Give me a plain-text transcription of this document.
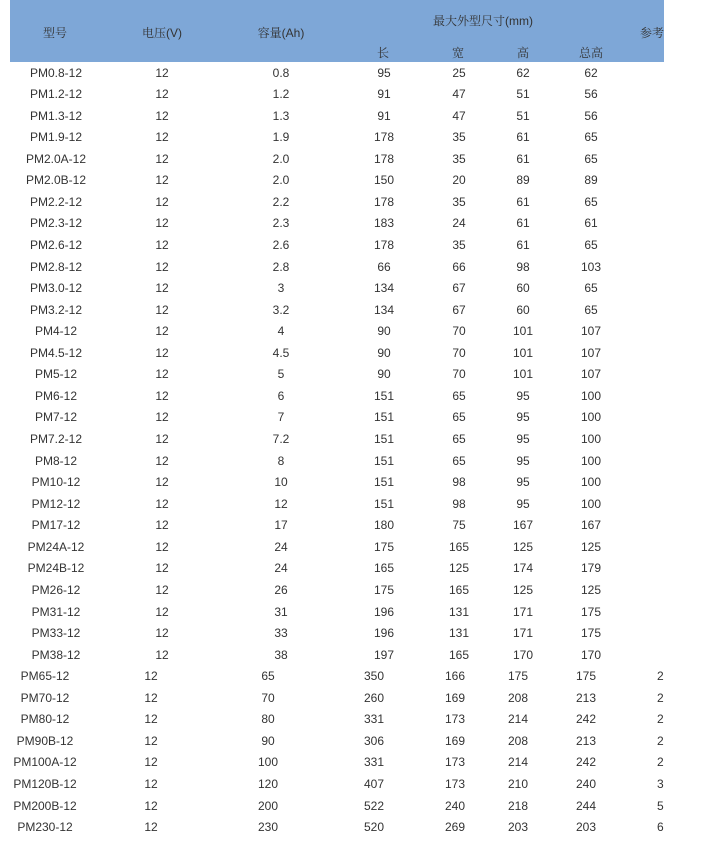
型号	电压(V)	容量(Ah)
最大外型尺寸(mm)
长	宽	高	总高
参考
PM0.8-12	12	0.8	95	25	62	62
PM1.2-12	12	1.2	91	47	51	56
PM1.3-12	12	1.3	91	47	51	56
PM1.9-12	12	1.9	178	35	61	65
PM2.0A-12	12	2.0	178	35	61	65
PM2.0B-12	12	2.0	150	20	89	89
PM2.2-12	12	2.2	178	35	61	65
PM2.3-12	12	2.3	183	24	61	61
PM2.6-12	12	2.6	178	35	61	65
PM2.8-12	12	2.8	66	66	98	103
PM3.0-12	12	3	134	67	60	65
PM3.2-12	12	3.2	134	67	60	65
PM4-12	12	4	90	70	101	107
PM4.5-12	12	4.5	90	70	101	107
PM5-12	12	5	90	70	101	107
PM6-12	12	6	151	65	95	100
PM7-12	12	7	151	65	95	100
PM7.2-12	12	7.2	151	65	95	100
PM8-12	12	8	151	65	95	100
PM10-12	12	10	151	98	95	100
PM12-12	12	12	151	98	95	100
PM17-12	12	17	180	75	167	167
PM24A-12	12	24	175	165	125	125
PM24B-12	12	24	165	125	174	179
PM26-12	12	26	175	165	125	125
PM31-12	12	31	196	131	171	175
PM33-12	12	33	196	131	171	175
PM38-12	12	38	197	165	170	170
PM65-12	12	65	350	166	175	175	2
PM70-12	12	70	260	169	208	213	2
PM80-12	12	80	331	173	214	242	2
PM90B-12	12	90	306	169	208	213	2
PM100A-12	12	100	331	173	214	242	2
PM120B-12	12	120	407	173	210	240	3
PM200B-12	12	200	522	240	218	244	5
PM230-12	12	230	520	269	203	203	6
